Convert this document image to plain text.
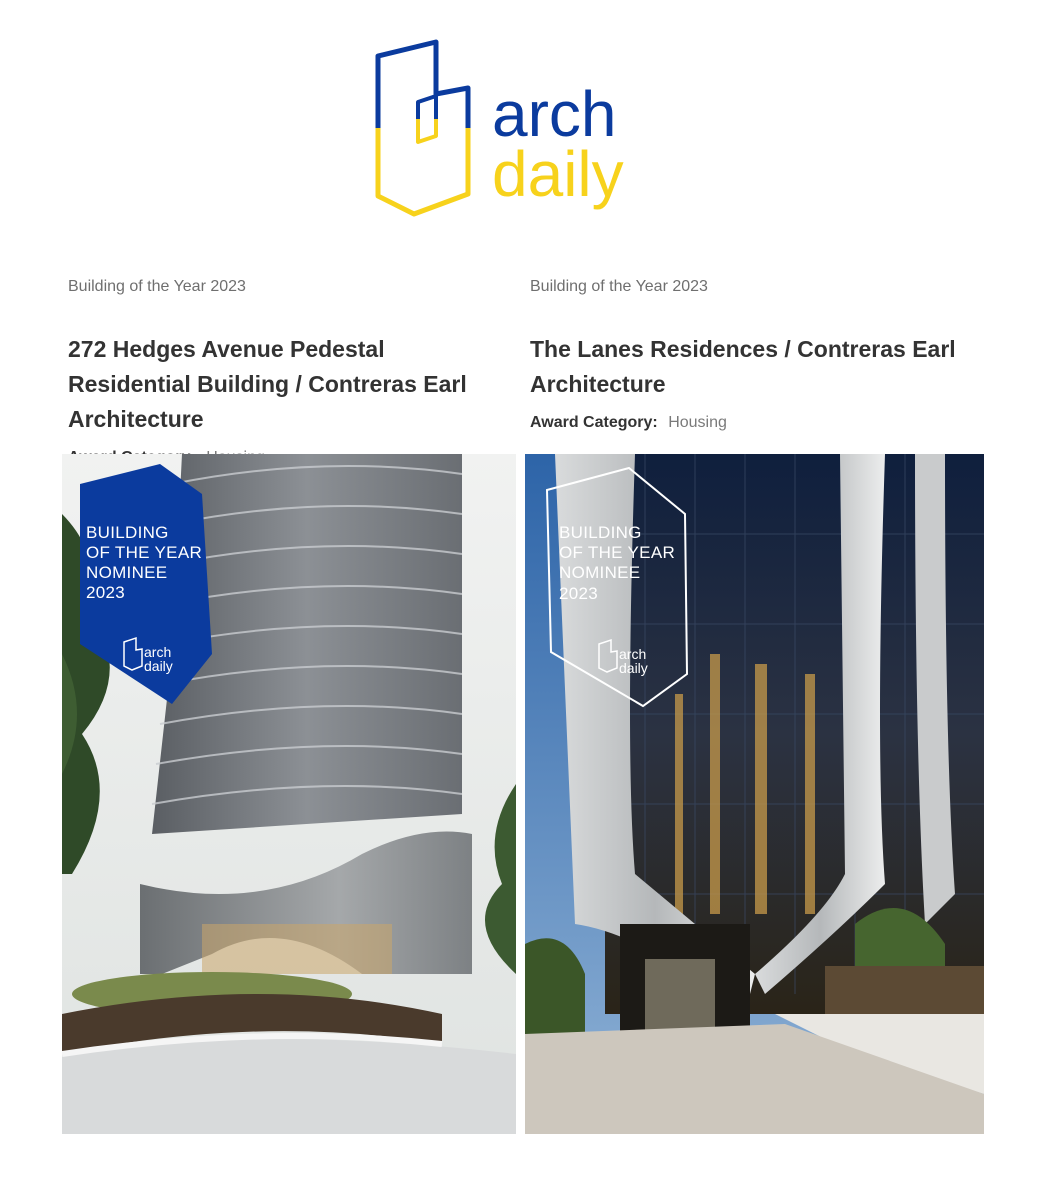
arch
daily

Building of the Year 2023

272 Hedges Avenue Pedestal Residential Building / Contreras Earl Architecture

Building of the Year 2023

The Lanes Residences / Contreras Earl Architecture
Award Category: Housing
BUILDING
OF THE YEAR
NOMINEE
2023
arch
daily
BUILDING
OF THE YEAR
NOMINEE
2023
arch
daily
